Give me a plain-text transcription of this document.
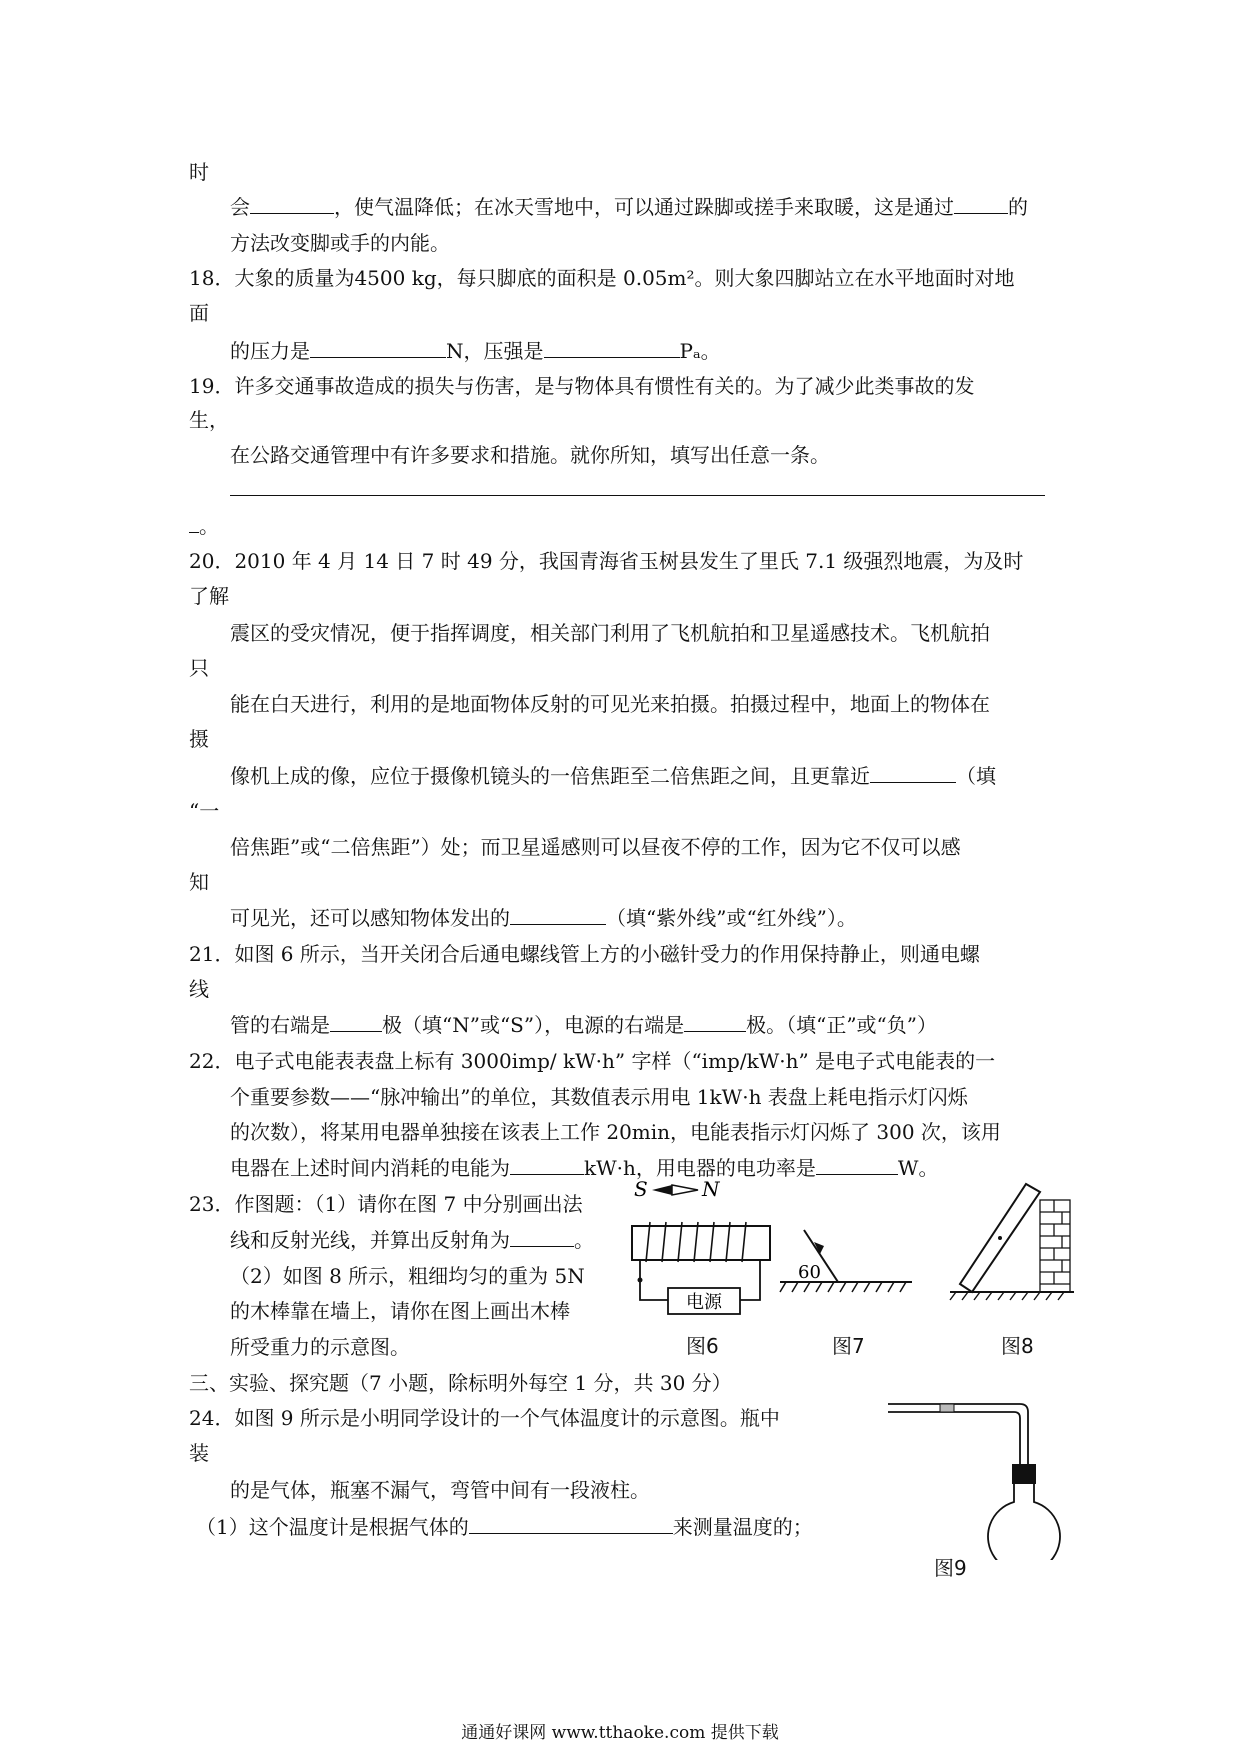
时
会	，使气温降低；在冰天雪地中，可以通过跺脚或搓手来取暖，这是通过	的
方法改变脚或手的内能。
18．大象的质量为4500 kg，每只脚底的面积是 0.05m²。则大象四脚站立在水平地面时对地
面
的压力是	N，压强是	Pₐ。
19．许多交通事故造成的损失与伤害，是与物体具有惯性有关的。为了减少此类事故的发
生，
在公路交通管理中有许多要求和措施。就你所知，填写出任意一条。
。
20．2010 年 4 月 14 日 7 时 49 分，我国青海省玉树县发生了里氏 7.1 级强烈地震，为及时
了解
震区的受灾情况，便于指挥调度，相关部门利用了飞机航拍和卫星遥感技术。飞机航拍
只
能在白天进行，利用的是地面物体反射的可见光来拍摄。拍摄过程中，地面上的物体在
摄
像机上成的像，应位于摄像机镜头的一倍焦距至二倍焦距之间，且更靠近	（填
“一
倍焦距”或“二倍焦距”）处；而卫星遥感则可以昼夜不停的工作，因为它不仅可以感
知
可见光，还可以感知物体发出的	（填“紫外线”或“红外线”）。
21．如图 6 所示，当开关闭合后通电螺线管上方的小磁针受力的作用保持静止，则通电螺
线
管的右端是	极（填“N”或“S”），电源的右端是	极。（填“正”或“负”）
22．电子式电能表表盘上标有 3000imp/ kW·h” 字样（“imp/kW·h” 是电子式电能表的一
个重要参数——“脉冲输出”的单位，其数值表示用电 1kW·h 表盘上耗电指示灯闪烁
的次数），将某用电器单独接在该表上工作 20min，电能表指示灯闪烁了 300 次，该用
电器在上述时间内消耗的电能为	kW·h，用电器的电功率是	W。
23．作图题：（1）请你在图 7 中分别画出法
线和反射光线，并算出反射角为	。
（2）如图 8 所示，粗细均匀的重为 5N
的木棒靠在墙上，请你在图上画出木棒
所受重力的示意图。
三、实验、探究题（7 小题，除标明外每空 1 分，共 30 分）
24．如图 9 所示是小明同学设计的一个气体温度计的示意图。瓶中
装
的是气体，瓶塞不漏气，弯管中间有一段液柱。
（1）这个温度计是根据气体的	来测量温度的；
S	N
电源
图6
60
图7	图8
图9
通通好课网 www.tthaoke.com 提供下载
